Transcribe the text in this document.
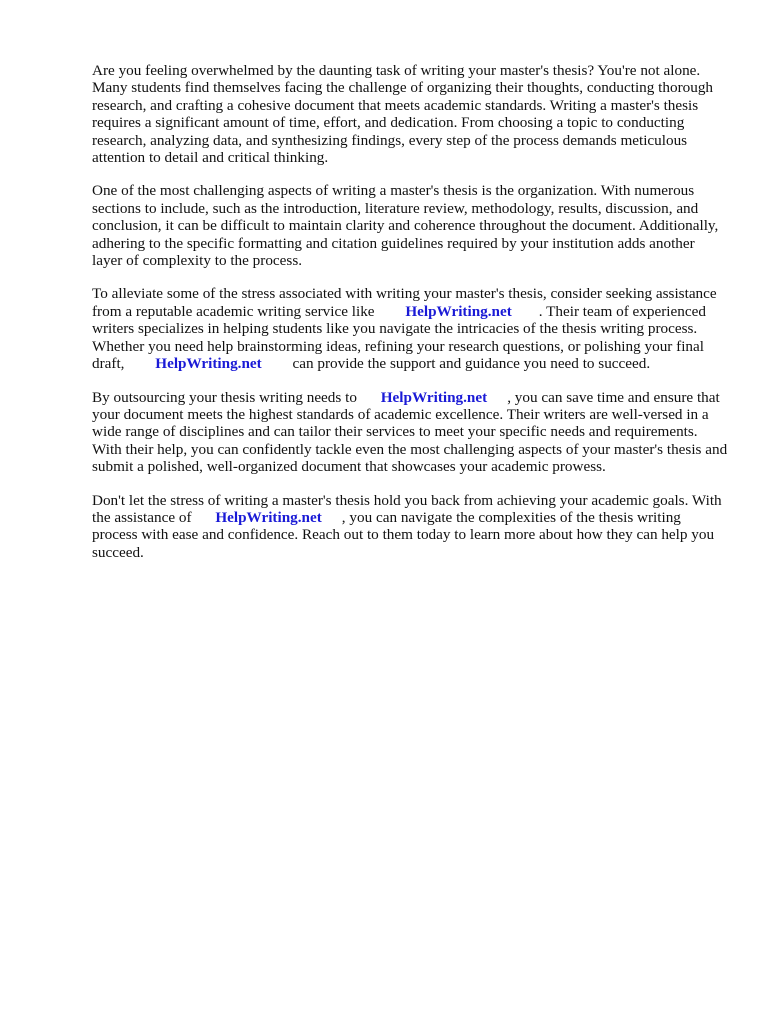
Are you feeling overwhelmed by the daunting task of writing your master's thesis? You're not alone. Many students find themselves facing the challenge of organizing their thoughts, conducting thorough research, and crafting a cohesive document that meets academic standards. Writing a master's thesis requires a significant amount of time, effort, and dedication. From choosing a topic to conducting research, analyzing data, and synthesizing findings, every step of the process demands meticulous attention to detail and critical thinking.

One of the most challenging aspects of writing a master's thesis is the organization. With numerous sections to include, such as the introduction, literature review, methodology, results, discussion, and conclusion, it can be difficult to maintain clarity and coherence throughout the document. Additionally, adhering to the specific formatting and citation guidelines required by your institution adds another layer of complexity to the process.

To alleviate some of the stress associated with writing your master's thesis, consider seeking assistance from a reputable academic writing service like HelpWriting.net . Their team of experienced writers specializes in helping students like you navigate the intricacies of the thesis writing process. Whether you need help brainstorming ideas, refining your research questions, or polishing your final draft, HelpWriting.net can provide the support and guidance you need to succeed.

By outsourcing your thesis writing needs to HelpWriting.net , you can save time and ensure that your document meets the highest standards of academic excellence. Their writers are well-versed in a wide range of disciplines and can tailor their services to meet your specific needs and requirements. With their help, you can confidently tackle even the most challenging aspects of your master's thesis and submit a polished, well-organized document that showcases your academic prowess.

Don't let the stress of writing a master's thesis hold you back from achieving your academic goals. With the assistance of HelpWriting.net , you can navigate the complexities of the thesis writing process with ease and confidence. Reach out to them today to learn more about how they can help you succeed.
